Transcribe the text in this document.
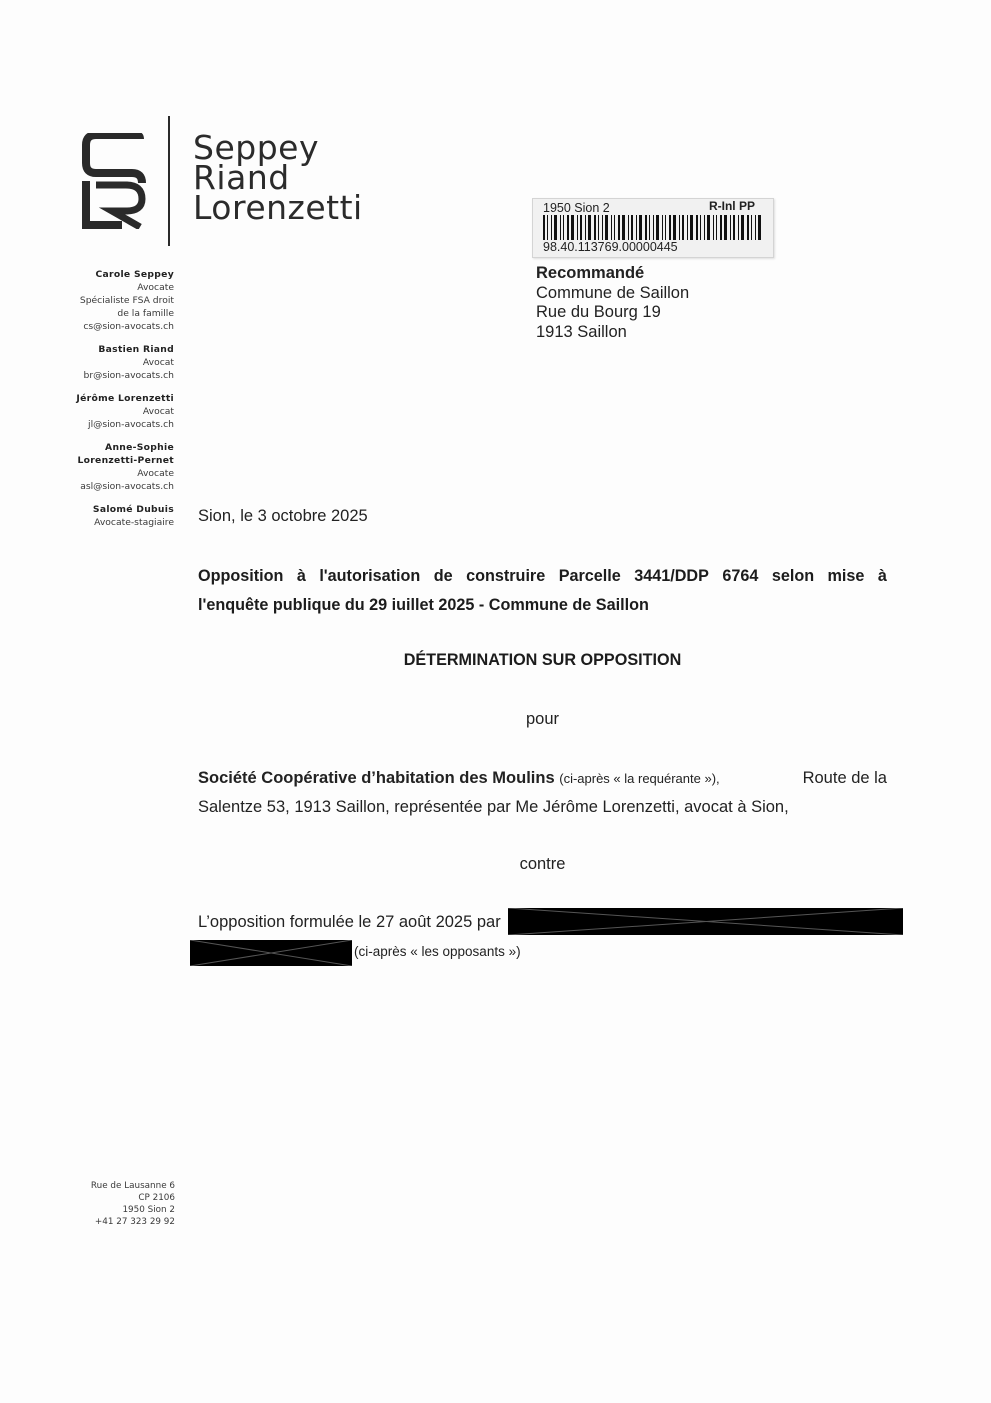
Seppey
Riand
Lorenzetti
Carole Seppey
Avocate
Spécialiste FSA droit
de la famille
cs@sion-avocats.ch
Bastien Riand
Avocat
br@sion-avocats.ch
Jérôme Lorenzetti
Avocat
jl@sion-avocats.ch
Anne-Sophie
Lorenzetti-Pernet
Avocate
asl@sion-avocats.ch
Salomé Dubuis
Avocate-stagiaire
Rue de Lausanne 6
CP 2106
1950 Sion 2
+41 27 323 29 92
1950 Sion 2	R-Inl PP
98.40.113769.00000445
Recommandé
Commune de Saillon
Rue du Bourg 19
1913 Saillon
Sion, le 3 octobre 2025
Opposition à l'autorisation de construire Parcelle 3441/DDP 6764 selon mise à
l'enquête publique du 29 iuillet 2025 - Commune de Saillon
DÉTERMINATION SUR OPPOSITION
pour
Société Coopérative d’habitation des Moulins (ci-après « la requérante »),	Route de la
Salentze 53, 1913 Saillon, représentée par Me Jérôme Lorenzetti, avocat à Sion,
contre
L’opposition formulée le 27 août 2025 par
(ci-après « les opposants »)
